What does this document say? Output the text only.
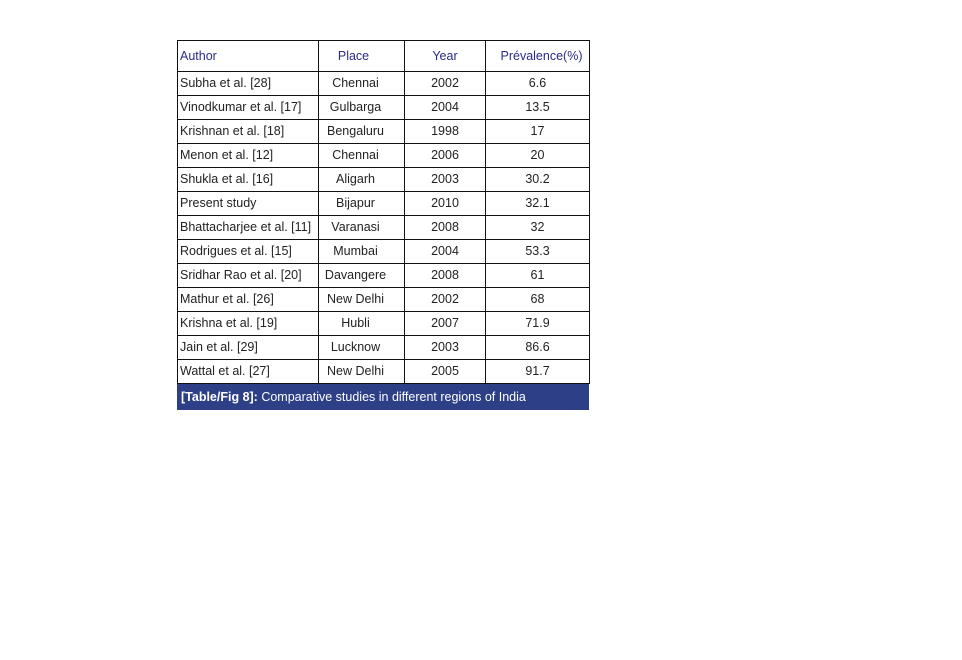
Author	Place	Year	Prévalence(%)
Subha et al. [28]	Chennai	2002	6.6
Vinodkumar et al. [17]	Gulbarga	2004	13.5
Krishnan et al. [18]	Bengaluru	1998	17
Menon et al. [12]	Chennai	2006	20
Shukla et al. [16]	Aligarh	2003	30.2
Present study	Bijapur	2010	32.1
Bhattacharjee et al. [11]	Varanasi	2008	32
Rodrigues et al. [15]	Mumbai	2004	53.3
Sridhar Rao et al. [20]	Davangere	2008	61
Mathur et al. [26]	New Delhi	2002	68
Krishna et al. [19]	Hubli	2007	71.9
Jain et al. [29]	Lucknow	2003	86.6
Wattal et al. [27]	New Delhi	2005	91.7
[Table/Fig 8]: Comparative studies in different regions of India
